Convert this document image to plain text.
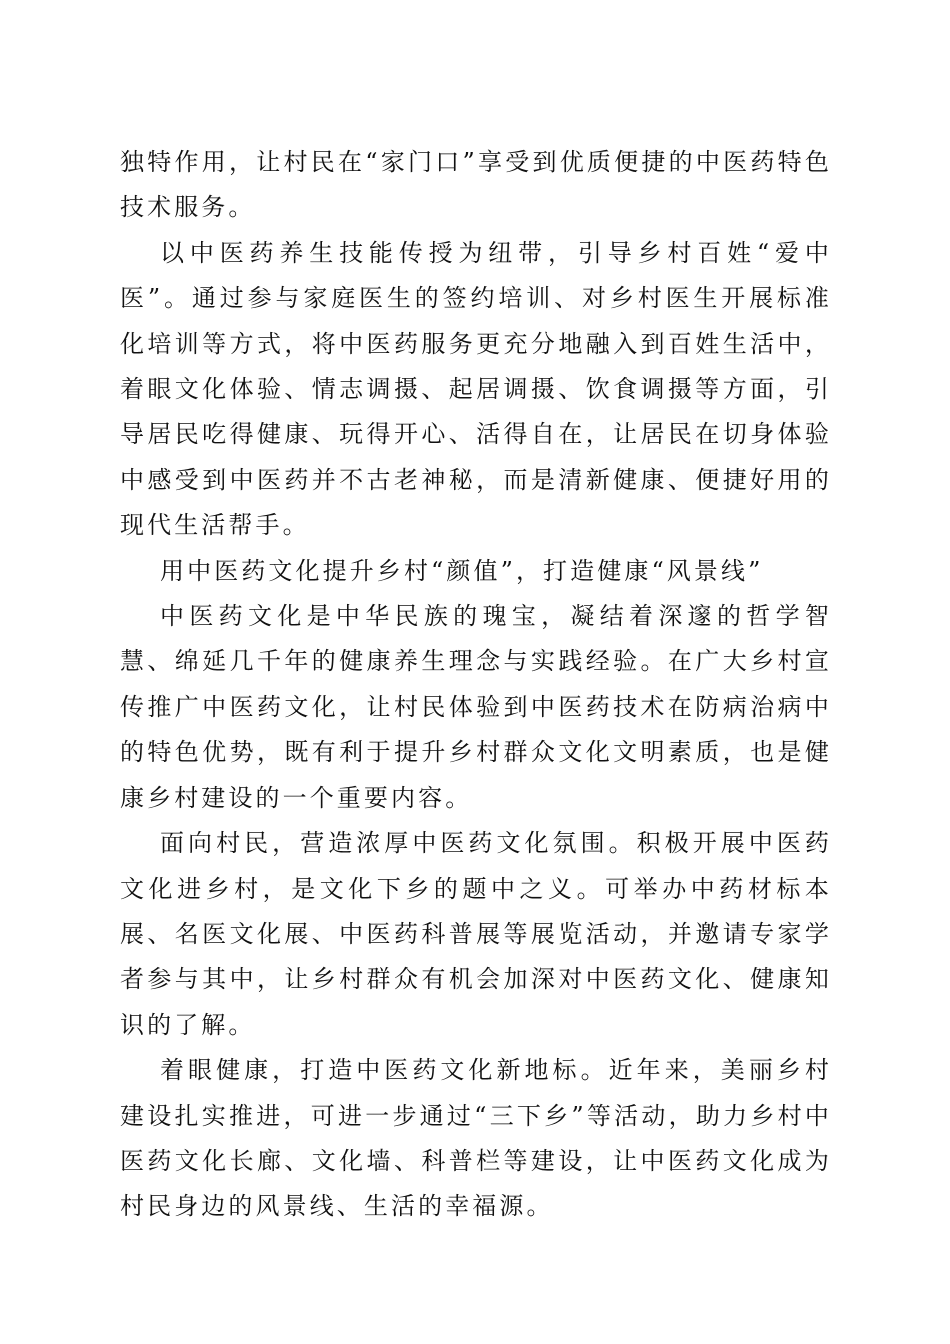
独特作用，让村民在“家门口”享受到优质便捷的中医药特色技术服务。

以中医药养生技能传授为纽带，引导乡村百姓“爱中医”。通过参与家庭医生的签约培训、对乡村医生开展标准化培训等方式，将中医药服务更充分地融入到百姓生活中，着眼文化体验、情志调摄、起居调摄、饮食调摄等方面，引导居民吃得健康、玩得开心、活得自在，让居民在切身体验中感受到中医药并不古老神秘，而是清新健康、便捷好用的现代生活帮手。

用中医药文化提升乡村“颜值”，打造健康“风景线”

中医药文化是中华民族的瑰宝，凝结着深邃的哲学智慧、绵延几千年的健康养生理念与实践经验。在广大乡村宣传推广中医药文化，让村民体验到中医药技术在防病治病中的特色优势，既有利于提升乡村群众文化文明素质，也是健康乡村建设的一个重要内容。

面向村民，营造浓厚中医药文化氛围。积极开展中医药文化进乡村，是文化下乡的题中之义。可举办中药材标本展、名医文化展、中医药科普展等展览活动，并邀请专家学者参与其中，让乡村群众有机会加深对中医药文化、健康知识的了解。

着眼健康，打造中医药文化新地标。近年来，美丽乡村建设扎实推进，可进一步通过“三下乡”等活动，助力乡村中医药文化长廊、文化墙、科普栏等建设，让中医药文化成为村民身边的风景线、生活的幸福源。
